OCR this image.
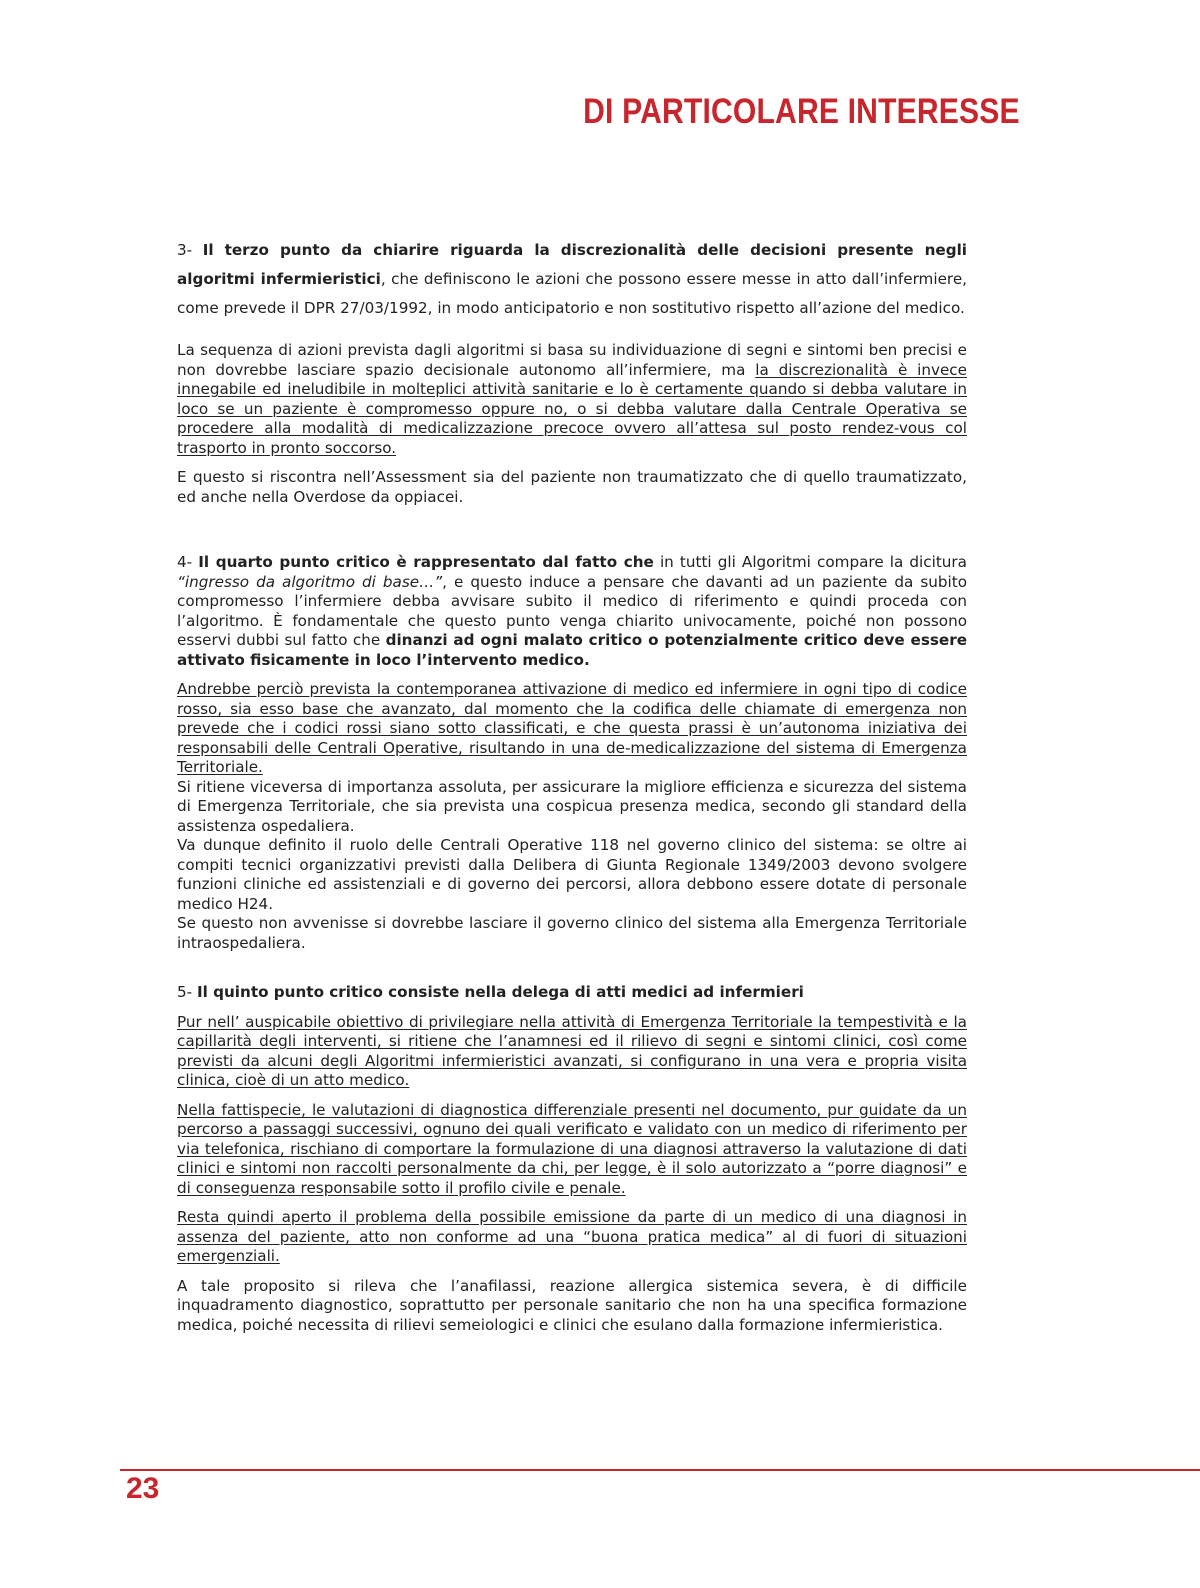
DI PARTICOLARE INTERESSE

3- Il terzo punto da chiarire riguarda la discrezionalità delle decisioni presente negli algoritmi infermieristici, che definiscono le azioni che possono essere messe in atto dall’infermiere, come prevede il DPR 27/03/1992, in modo anticipatorio e non sostitutivo rispetto all’azione del medico.

La sequenza di azioni prevista dagli algoritmi si basa su individuazione di segni e sintomi ben precisi e non dovrebbe lasciare spazio decisionale autonomo all’infermiere, ma la discrezionalità è invece innegabile ed ineludibile in molteplici attività sanitarie e lo è certamente quando si debba valutare in loco se un paziente è compromesso oppure no, o si debba valutare dalla Centrale Operativa se procedere alla modalità di medicalizzazione precoce ovvero all’attesa sul posto rendez-vous col trasporto in pronto soccorso.

E questo si riscontra nell’Assessment sia del paziente non traumatizzato che di quello traumatizzato, ed anche nella Overdose da oppiacei.

4- Il quarto punto critico è rappresentato dal fatto che in tutti gli Algoritmi compare la dicitura “ingresso da algoritmo di base…”, e questo induce a pensare che davanti ad un paziente da subito compromesso l’infermiere debba avvisare subito il medico di riferimento e quindi proceda con l’algoritmo. È fondamentale che questo punto venga chiarito univocamente, poiché non possono esservi dubbi sul fatto che dinanzi ad ogni malato critico o potenzialmente critico deve essere attivato fisicamente in loco l’intervento medico.

Andrebbe perciò prevista la contemporanea attivazione di medico ed infermiere in ogni tipo di codice rosso, sia esso base che avanzato, dal momento che la codifica delle chiamate di emergenza non prevede che i codici rossi siano sotto classificati, e che questa prassi è un’autonoma iniziativa dei responsabili delle Centrali Operative, risultando in una de-medicalizzazione del sistema di Emergenza Territoriale.

Si ritiene viceversa di importanza assoluta, per assicurare la migliore efficienza e sicurezza del sistema di Emergenza Territoriale, che sia prevista una cospicua presenza medica, secondo gli standard della assistenza ospedaliera.

Va dunque definito il ruolo delle Centrali Operative 118 nel governo clinico del sistema: se oltre ai compiti tecnici organizzativi previsti dalla Delibera di Giunta Regionale 1349/2003 devono svolgere funzioni cliniche ed assistenziali e di governo dei percorsi, allora debbono essere dotate di personale medico H24.

Se questo non avvenisse si dovrebbe lasciare il governo clinico del sistema alla Emergenza Territoriale intraospedaliera.

5- Il quinto punto critico consiste nella delega di atti medici ad infermieri

Pur nell’ auspicabile obiettivo di privilegiare nella attività di Emergenza Territoriale la tempestività e la capillarità degli interventi, si ritiene che l’anamnesi ed il rilievo di segni e sintomi clinici, così come previsti da alcuni degli Algoritmi infermieristici avanzati, si configurano in una vera e propria visita clinica, cioè di un atto medico.

Nella fattispecie, le valutazioni di diagnostica differenziale presenti nel documento, pur guidate da un percorso a passaggi successivi, ognuno dei quali verificato e validato con un medico di riferimento per via telefonica, rischiano di comportare la formulazione di una diagnosi attraverso la valutazione di dati clinici e sintomi non raccolti personalmente da chi, per legge, è il solo autorizzato a “porre diagnosi” e di conseguenza responsabile sotto il profilo civile e penale.

Resta quindi aperto il problema della possibile emissione da parte di un medico di una diagnosi in assenza del paziente, atto non conforme ad una “buona pratica medica” al di fuori di situazioni emergenziali.

A tale proposito si rileva che l’anafilassi, reazione allergica sistemica severa, è di difficile inquadramento diagnostico, soprattutto per personale sanitario che non ha una specifica formazione medica, poiché necessita di rilievi semeiologici e clinici che esulano dalla formazione infermieristica.

23
